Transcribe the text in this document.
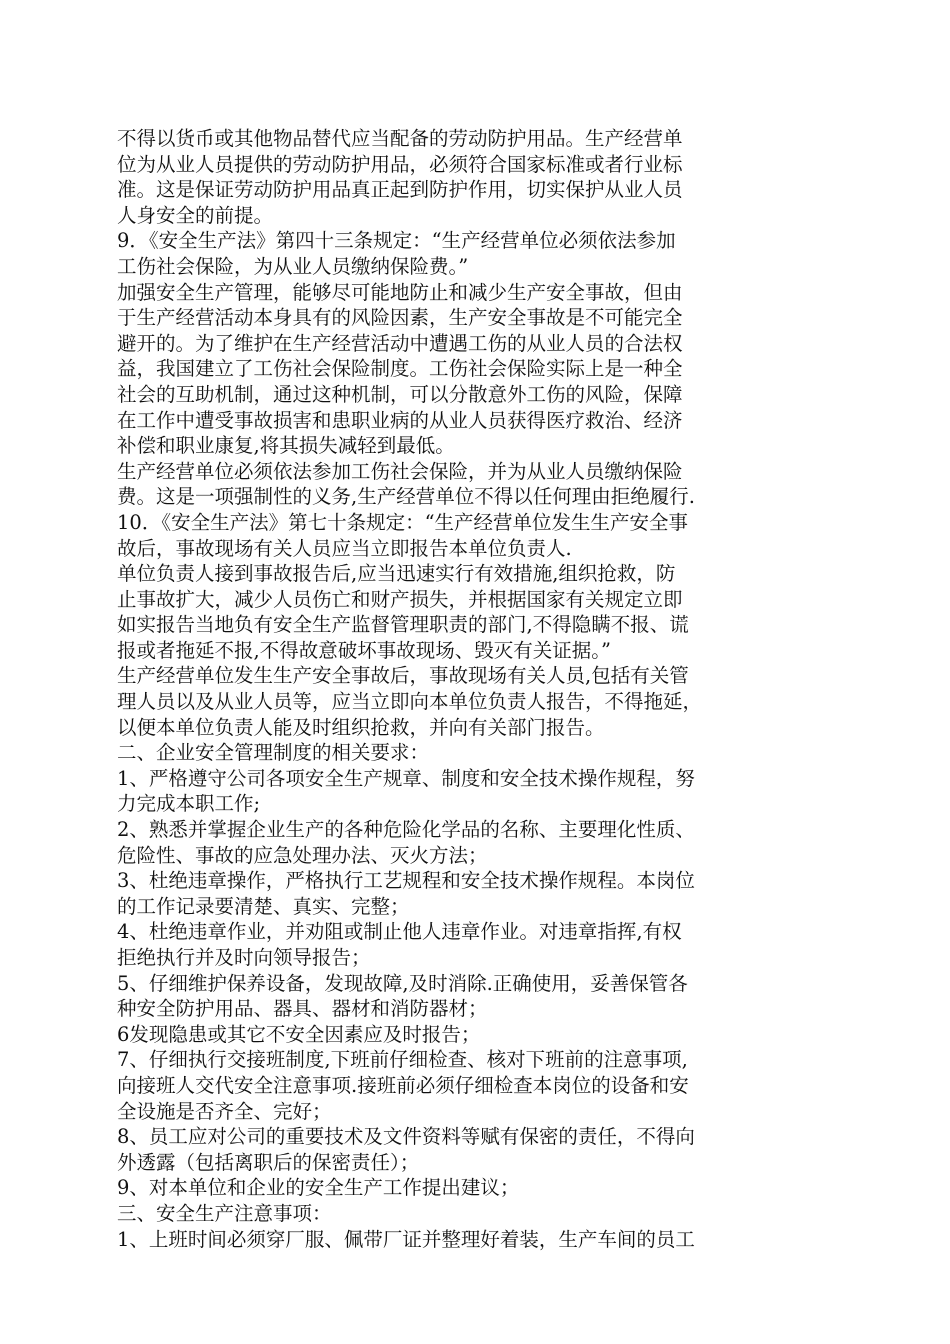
不得以货币或其他物品替代应当配备的劳动防护用品。生产经营单
位为从业人员提供的劳动防护用品，必须符合国家标准或者行业标
准。这是保证劳动防护用品真正起到防护作用，切实保护从业人员
人身安全的前提。
9．《安全生产法》第四十三条规定：“生产经营单位必须依法参加
工伤社会保险，为从业人员缴纳保险费。”
加强安全生产管理，能够尽可能地防止和减少生产安全事故，但由
于生产经营活动本身具有的风险因素，生产安全事故是不可能完全
避开的。为了维护在生产经营活动中遭遇工伤的从业人员的合法权
益，我国建立了工伤社会保险制度。工伤社会保险实际上是一种全
社会的互助机制，通过这种机制，可以分散意外工伤的风险，保障
在工作中遭受事故损害和患职业病的从业人员获得医疗救治、经济
补偿和职业康复,将其损失减轻到最低。
生产经营单位必须依法参加工伤社会保险，并为从业人员缴纳保险
费。这是一项强制性的义务,生产经营单位不得以任何理由拒绝履行.
10．《安全生产法》第七十条规定：“生产经营单位发生生产安全事
故后，事故现场有关人员应当立即报告本单位负责人.
单位负责人接到事故报告后,应当迅速实行有效措施,组织抢救，防
止事故扩大，减少人员伤亡和财产损失，并根据国家有关规定立即
如实报告当地负有安全生产监督管理职责的部门,不得隐瞒不报、谎
报或者拖延不报,不得故意破坏事故现场、毁灭有关证据。”
生产经营单位发生生产安全事故后，事故现场有关人员,包括有关管
理人员以及从业人员等，应当立即向本单位负责人报告，不得拖延，
以便本单位负责人能及时组织抢救，并向有关部门报告。
二、企业安全管理制度的相关要求：
1、严格遵守公司各项安全生产规章、制度和安全技术操作规程，努
力完成本职工作;
2、熟悉并掌握企业生产的各种危险化学品的名称、主要理化性质、
危险性、事故的应急处理办法、灭火方法；
3、杜绝违章操作，严格执行工艺规程和安全技术操作规程。本岗位
的工作记录要清楚、真实、完整；
4、杜绝违章作业，并劝阻或制止他人违章作业。对违章指挥,有权
拒绝执行并及时向领导报告；
5、仔细维护保养设备，发现故障,及时消除.正确使用，妥善保管各
种安全防护用品、器具、器材和消防器材；
6发现隐患或其它不安全因素应及时报告；
7、仔细执行交接班制度,下班前仔细检查、核对下班前的注意事项,
向接班人交代安全注意事项.接班前必须仔细检查本岗位的设备和安
全设施是否齐全、完好；
8、员工应对公司的重要技术及文件资料等赋有保密的责任，不得向
外透露（包括离职后的保密责任）；
9、对本单位和企业的安全生产工作提出建议；
三、安全生产注意事项：
1、上班时间必须穿厂服、佩带厂证并整理好着装，生产车间的员工
